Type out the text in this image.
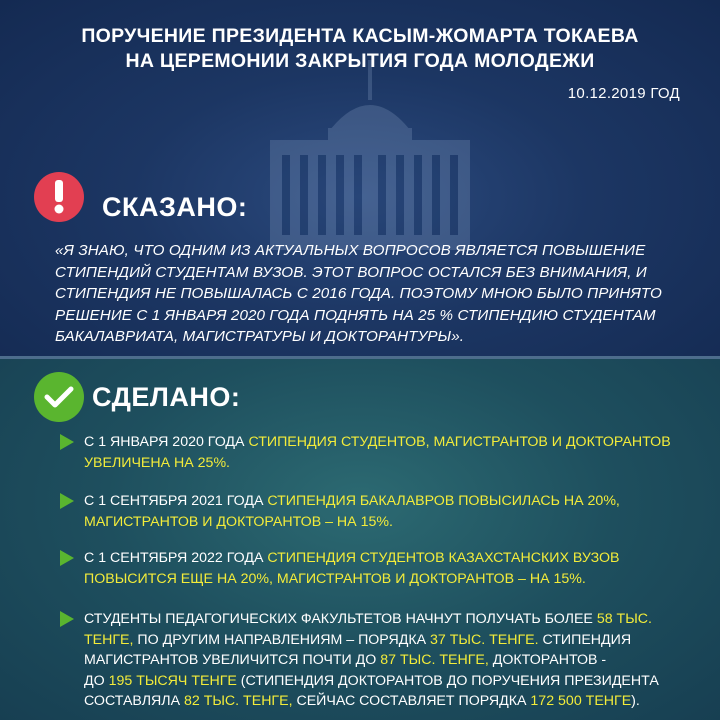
ПОРУЧЕНИЕ ПРЕЗИДЕНТА КАСЫМ-ЖОМАРТА ТОКАЕВА
НА ЦЕРЕМОНИИ ЗАКРЫТИЯ ГОДА МОЛОДЕЖИ
10.12.2019 ГОД
СКАЗАНО:
«Я ЗНАЮ, ЧТО ОДНИМ ИЗ АКТУАЛЬНЫХ ВОПРОСОВ ЯВЛЯЕТСЯ ПОВЫШЕНИЕ
СТИПЕНДИЙ СТУДЕНТАМ ВУЗОВ. ЭТОТ ВОПРОС ОСТАЛСЯ БЕЗ ВНИМАНИЯ, И
СТИПЕНДИЯ НЕ ПОВЫШАЛАСЬ С 2016 ГОДА. ПОЭТОМУ МНОЮ БЫЛО ПРИНЯТО
РЕШЕНИЕ С 1 ЯНВАРЯ 2020 ГОДА ПОДНЯТЬ НА 25 % СТИПЕНДИЮ СТУДЕНТАМ
БАКАЛАВРИАТА, МАГИСТРАТУРЫ И ДОКТОРАНТУРЫ».
СДЕЛАНО:
С 1 ЯНВАРЯ 2020 ГОДА СТИПЕНДИЯ СТУДЕНТОВ, МАГИСТРАНТОВ И ДОКТОРАНТОВ
УВЕЛИЧЕНА НА 25%.
С 1 СЕНТЯБРЯ 2021 ГОДА СТИПЕНДИЯ БАКАЛАВРОВ ПОВЫСИЛАСЬ НА 20%,
МАГИСТРАНТОВ И ДОКТОРАНТОВ – НА 15%.
С 1 СЕНТЯБРЯ 2022 ГОДА СТИПЕНДИЯ СТУДЕНТОВ КАЗАХСТАНСКИХ ВУЗОВ
ПОВЫСИТСЯ ЕЩЕ НА 20%, МАГИСТРАНТОВ И ДОКТОРАНТОВ – НА 15%.
СТУДЕНТЫ ПЕДАГОГИЧЕСКИХ ФАКУЛЬТЕТОВ НАЧНУТ ПОЛУЧАТЬ БОЛЕЕ 58 ТЫС.
ТЕНГЕ, ПО ДРУГИМ НАПРАВЛЕНИЯМ – ПОРЯДКА 37 ТЫС. ТЕНГЕ. СТИПЕНДИЯ
МАГИСТРАНТОВ УВЕЛИЧИТСЯ ПОЧТИ ДО 87 ТЫС. ТЕНГЕ, ДОКТОРАНТОВ -
ДО 195 ТЫСЯЧ ТЕНГЕ (СТИПЕНДИЯ ДОКТОРАНТОВ ДО ПОРУЧЕНИЯ ПРЕЗИДЕНТА
СОСТАВЛЯЛА 82 ТЫС. ТЕНГЕ, СЕЙЧАС СОСТАВЛЯЕТ ПОРЯДКА 172 500 ТЕНГЕ).
